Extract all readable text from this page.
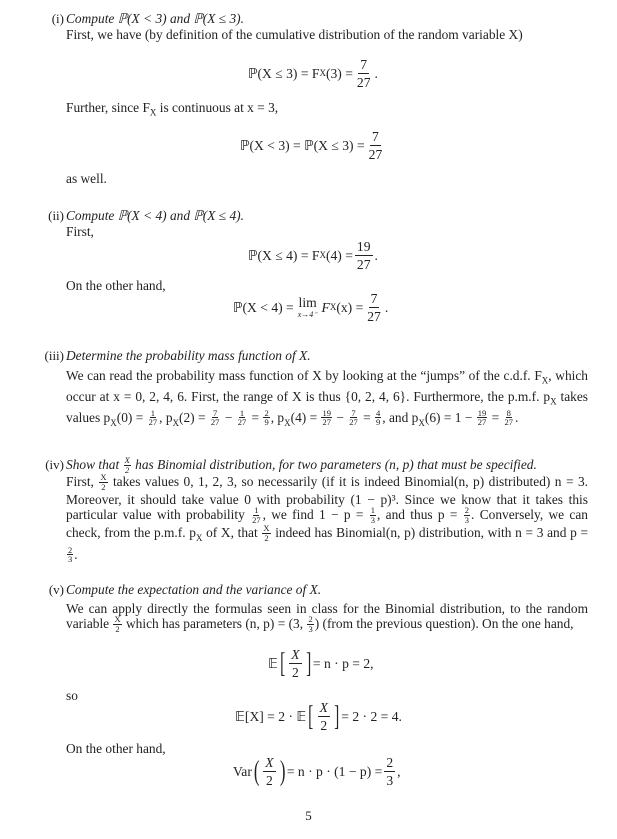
(i) Compute ℙ(X < 3) and ℙ(X ≤ 3).
First, we have (by definition of the cumulative distribution of the random variable X)
ℙ(X ≤ 3) = F X $(3) = \frac{7}{27}$ .
Further, since $F_X$ is continuous at x = 3,
ℙ(X < 3) = ℙ(X ≤ $3) = \frac{7}{27}$
as well.
(ii) Compute ℙ(X < 4) and ℙ(X ≤ 4).
First,
ℙ(X ≤ 4) = F X $(4) = \frac{19}{27}$ .
On the other hand,
ℙ(X < 4) = lim
x→4⁻ F X $(x) = \frac{7}{27}$ .
(iii) Determine the probability mass function of X.
We can read the probability mass function of X by looking at the “jumps” of the c.d.f. $F_X$, which occur at x = 0, 2, 4, 6. First, the range of X is thus {0, 2, 4, 6}. Furthermore, the p.m.f. $p_X$ takes values $p_X(0) = \frac{1}{27}$ , $p_X(2) = \frac{7}{27} - \frac{1}{27} = \frac{2}{9}$ , $p_X(4) = \frac{19}{27} - \frac{7}{27} = \frac{4}{9}$ , and $p_X(6) = 1 - \frac{19}{27} = \frac{8}{27}$ .
(iv) Show that $\frac{X}{2}$ has Binomial distribution, for two parameters (n, p) that must be specified.
First, $\frac{X}{2}$ takes values 0, 1, 2, 3, so necessarily (if it is indeed Binomial(n, p) distributed) n = 3. Moreover, it should take value 0 with probability (1 − p)³. Since we know that it takes this particular value with probability $\frac{1}{27}$ , we find $1 - p = \frac{1}{3}$ , and thus $p = \frac{2}{3}$ . Conversely, we can check, from the p.m.f. $p_X$ of X, that $\frac{X}{2}$ indeed has Binomial(n, p) distribution, with n = 3 and p =
$\frac{2}{3}$ .
(v) Compute the expectation and the variance of X.
We can apply directly the formulas seen in class for the Binomial distribution, to the random variable $\frac{X}{2}$ which has parameters (n, p) = (3, $\frac{2}{3}$ ) (from the previous question). On the one hand,
𝔼 [ $\frac{X}{2}$ ] = n · p = 2,
so
𝔼[X] = 2 · 𝔼 [ $\frac{X}{2}$ ] = 2 · 2 = 4.
On the other hand,
Var ( $\frac{X}{2}$ ) = $n \cdot p \cdot (1 - p) = \frac{2}{3}$ ,
5
